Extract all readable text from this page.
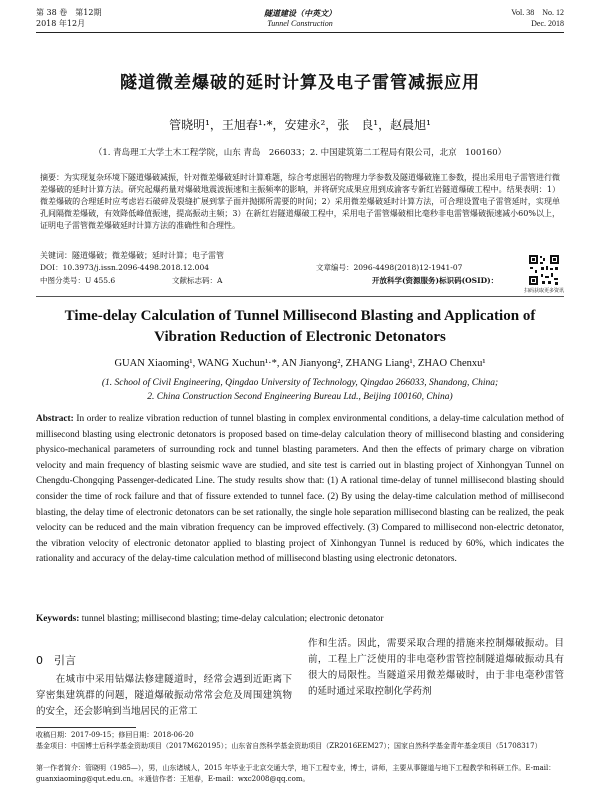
第 38 卷　第12期
2018 年12月
隧道建设（中英文）
Tunnel Construction
Vol. 38　No. 12
Dec. 2018
隧道微差爆破的延时计算及电子雷管减振应用
管晓明¹，王旭春¹·*，安建永²，张　良¹，赵晨旭¹
（1. 青岛理工大学土木工程学院，山东 青岛　266033；2. 中国建筑第二工程局有限公司，北京　100160）
摘要：为实现复杂环境下隧道爆破减振，针对微差爆破延时计算难题，综合考虑围岩的物理力学参数及隧道爆破施工参数，提出采用电子雷管进行微差爆破的延时计算方法。研究起爆药量对爆破地震波振速和主振频率的影响，并将研究成果应用到成渝客专新红岩隧道爆破工程中。结果表明：1）微差爆破的合理延时应考虑岩石破碎及裂缝扩展到掌子面并抛掷所需要的时间；2）采用微差爆破延时计算方法，可合理设置电子雷管延时，实现单孔间隔微差爆破，有效降低峰值振速，提高振动主频；3）在新红岩隧道爆破工程中，采用电子雷管爆破相比毫秒非电雷管爆破振速减小60%以上，证明电子雷管微差爆破延时计算方法的准确性和合理性。
关键词：隧道爆破；微差爆破；延时计算；电子雷管
DOI：10.3973/j.issn.2096-4498.2018.12.004	文章编号：2096-4498(2018)12-1941-07
中图分类号：U 455.6	文献标志码：A	开放科学(资源服务)标识码(OSID)：
扫码获取更多资讯
Time-delay Calculation of Tunnel Millisecond Blasting and Application of
Vibration Reduction of Electronic Detonators
GUAN Xiaoming¹, WANG Xuchun¹·*, AN Jianyong², ZHANG Liang¹, ZHAO Chenxu¹
(1. School of Civil Engineering, Qingdao University of Technology, Qingdao 266033, Shandong, China;
2. China Construction Second Engineering Bureau Ltd., Beijing 100160, China)
Abstract: In order to realize vibration reduction of tunnel blasting in complex environmental conditions, a delay-time calculation method of millisecond blasting using electronic detonators is proposed based on time-delay calculation theory of millisecond blasting and considering physico-mechanical parameters of surrounding rock and tunnel blasting parameters. And then the effects of primary charge on vibration velocity and main frequency of blasting seismic wave are studied, and site test is carried out in blasting project of Xinhongyan Tunnel on Chengdu-Chongqing Passenger-dedicated Line. The study results show that: (1) A rational time-delay of tunnel millisecond blasting should consider the time of rock failure and that of fissure extended to tunnel face. (2) By using the delay-time calculation method of millisecond blasting, the delay time of electronic detonators can be set rationally, the single hole separation millisecond blasting can be realized, the peak velocity can be reduced and the main vibration frequency can be improved effectively. (3) Compared to millisecond non-electric detonator, the vibration velocity of electronic detonator applied to blasting project of Xinhongyan Tunnel is reduced by 60%, which indicates the rationality and accuracy of the delay-time calculation method of millisecond blasting using electronic detonators.
Keywords: tunnel blasting; millisecond blasting; time-delay calculation; electronic detonator
0　引言
　　在城市中采用钻爆法修建隧道时，经常会遇到近距离下穿密集建筑群的问题，隧道爆破振动常常会危及周围建筑物的安全，还会影响到当地居民的正常工
作和生活。因此，需要采取合理的措施来控制爆破振动。目前，工程上广泛使用的非电毫秒雷管控制隧道爆破振动具有很大的局限性。当隧道采用微差爆破时，由于非电毫秒雷管的延时通过采取控制化学药剂
收稿日期：2017-09-15；修回日期：2018-06-20
基金项目：中国博士后科学基金资助项目（2017M620195）；山东省自然科学基金资助项目（ZR2016EEM27）；国家自然科学基金青年基金项目（51708317）
第一作者简介：管晓明（1985—），男，山东诸城人，2015 年毕业于北京交通大学，地下工程专业，博士，讲师，主要从事隧道与地下工程教学和科研工作。E-mail：guanxiaoming@qut.edu.cn。＊通信作者：王旭春，E-mail：wxc2008@qq.com。
